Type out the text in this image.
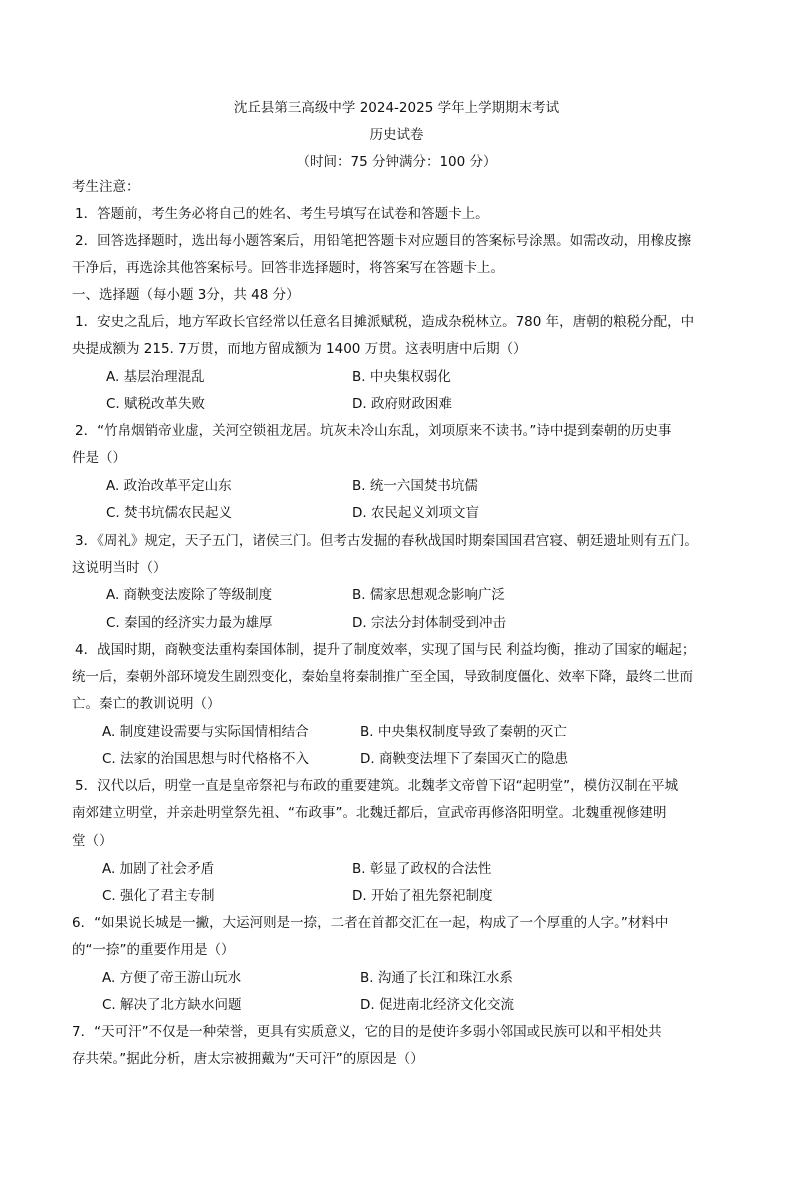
沈丘县第三高级中学 2024-2025 学年上学期期末考试
历史试卷
（时间：75 分钟满分：100 分）
考生注意：
1．答题前，考生务必将自己的姓名、考生号填写在试卷和答题卡上。
2．回答选择题时，选出每小题答案后，用铅笔把答题卡对应题目的答案标号涂黑。如需改动，用橡皮擦
干净后，再选涂其他答案标号。回答非选择题时，将答案写在答题卡上。
一、选择题（每小题 3分，共 48 分）
1．安史之乱后，地方军政长官经常以任意名目摊派赋税，造成杂税林立。780 年，唐朝的粮税分配，中
央提成额为 215. 7万贯，而地方留成额为 1400 万贯。这表明唐中后期（）
A. 基层治理混乱	B. 中央集权弱化
C. 赋税改革失败	D. 政府财政困难
2．“竹帛烟销帝业虚，关河空锁祖龙居。坑灰未冷山东乱，刘项原来不读书。”诗中提到秦朝的历史事
件是（）
A. 政治改革平定山东	B. 统一六国焚书坑儒
C. 焚书坑儒农民起义	D. 农民起义刘项文盲
3．《周礼》规定，天子五门，诸侯三门。但考古发掘的春秋战国时期秦国国君宫寝、朝廷遗址则有五门。
这说明当时（）
A. 商鞅变法废除了等级制度	B. 儒家思想观念影响广泛
C. 秦国的经济实力最为雄厚	D. 宗法分封体制受到冲击
4．战国时期，商鞅变法重构秦国体制，提升了制度效率，实现了国与民 利益均衡，推动了国家的崛起；
统一后，秦朝外部环境发生剧烈变化，秦始皇将秦制推广至全国，导致制度僵化、效率下降，最终二世而
亡。秦亡的教训说明（）
A. 制度建设需要与实际国情相结合	B. 中央集权制度导致了秦朝的灭亡
C. 法家的治国思想与时代格格不入	D. 商鞅变法埋下了秦国灭亡的隐患
5．汉代以后，明堂一直是皇帝祭祀与布政的重要建筑。北魏孝文帝曾下诏“起明堂”，模仿汉制在平城
南郊建立明堂，并亲赴明堂祭先祖、“布政事”。北魏迁都后，宣武帝再修洛阳明堂。北魏重视修建明
堂（）
A. 加剧了社会矛盾	B. 彰显了政权的合法性
C. 强化了君主专制	D. 开始了祖先祭祀制度
6．“如果说长城是一撇，大运河则是一捺，二者在首都交汇在一起，构成了一个厚重的人字。”材料中
的“一捺”的重要作用是（）
A. 方便了帝王游山玩水	B. 沟通了长江和珠江水系
C. 解决了北方缺水问题	D. 促进南北经济文化交流
7．“天可汗”不仅是一种荣誉，更具有实质意义，它的目的是使许多弱小邻国或民族可以和平相处共
存共荣。”据此分析，唐太宗被拥戴为“天可汗”的原因是（）
